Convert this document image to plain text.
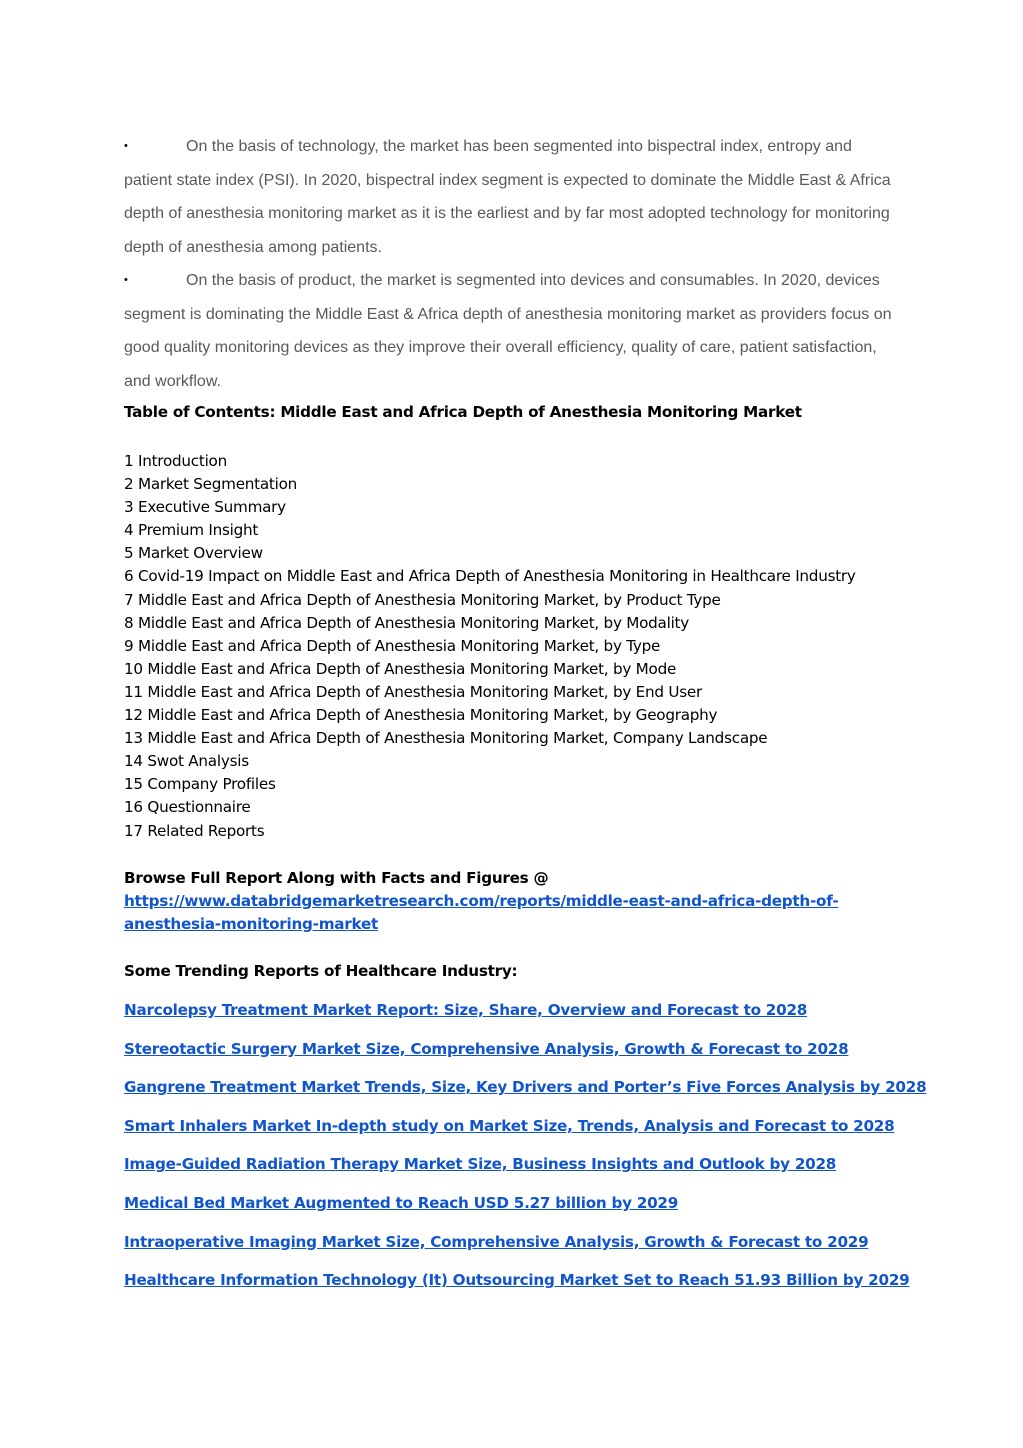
•	On the basis of technology, the market has been segmented into bispectral index, entropy and patient state index (PSI). In 2020, bispectral index segment is expected to dominate the Middle East & Africa depth of anesthesia monitoring market as it is the earliest and by far most adopted technology for monitoring depth of anesthesia among patients.

•	On the basis of product, the market is segmented into devices and consumables. In 2020, devices segment is dominating the Middle East & Africa depth of anesthesia monitoring market as providers focus on good quality monitoring devices as they improve their overall efficiency, quality of care, patient satisfaction, and workflow.

Table of Contents: Middle East and Africa Depth of Anesthesia Monitoring Market

1 Introduction
2 Market Segmentation
3 Executive Summary
4 Premium Insight
5 Market Overview
6 Covid-19 Impact on Middle East and Africa Depth of Anesthesia Monitoring in Healthcare Industry
7 Middle East and Africa Depth of Anesthesia Monitoring Market, by Product Type
8 Middle East and Africa Depth of Anesthesia Monitoring Market, by Modality
9 Middle East and Africa Depth of Anesthesia Monitoring Market, by Type
10 Middle East and Africa Depth of Anesthesia Monitoring Market, by Mode
11 Middle East and Africa Depth of Anesthesia Monitoring Market, by End User
12 Middle East and Africa Depth of Anesthesia Monitoring Market, by Geography
13 Middle East and Africa Depth of Anesthesia Monitoring Market, Company Landscape
14 Swot Analysis
15 Company Profiles
16 Questionnaire
17 Related Reports
Browse Full Report Along with Facts and Figures @
https://www.databridgemarketresearch.com/reports/middle-east-and-africa-depth-of-
anesthesia-monitoring-market

Some Trending Reports of Healthcare Industry:

Narcolepsy Treatment Market Report: Size, Share, Overview and Forecast to 2028
Stereotactic Surgery Market Size, Comprehensive Analysis, Growth & Forecast to 2028
Gangrene Treatment Market Trends, Size, Key Drivers and Porter’s Five Forces Analysis by 2028
Smart Inhalers Market In-depth study on Market Size, Trends, Analysis and Forecast to 2028
Image-Guided Radiation Therapy Market Size, Business Insights and Outlook by 2028
Medical Bed Market Augmented to Reach USD 5.27 billion by 2029
Intraoperative Imaging Market Size, Comprehensive Analysis, Growth & Forecast to 2029
Healthcare Information Technology (It) Outsourcing Market Set to Reach 51.93 Billion by 2029
